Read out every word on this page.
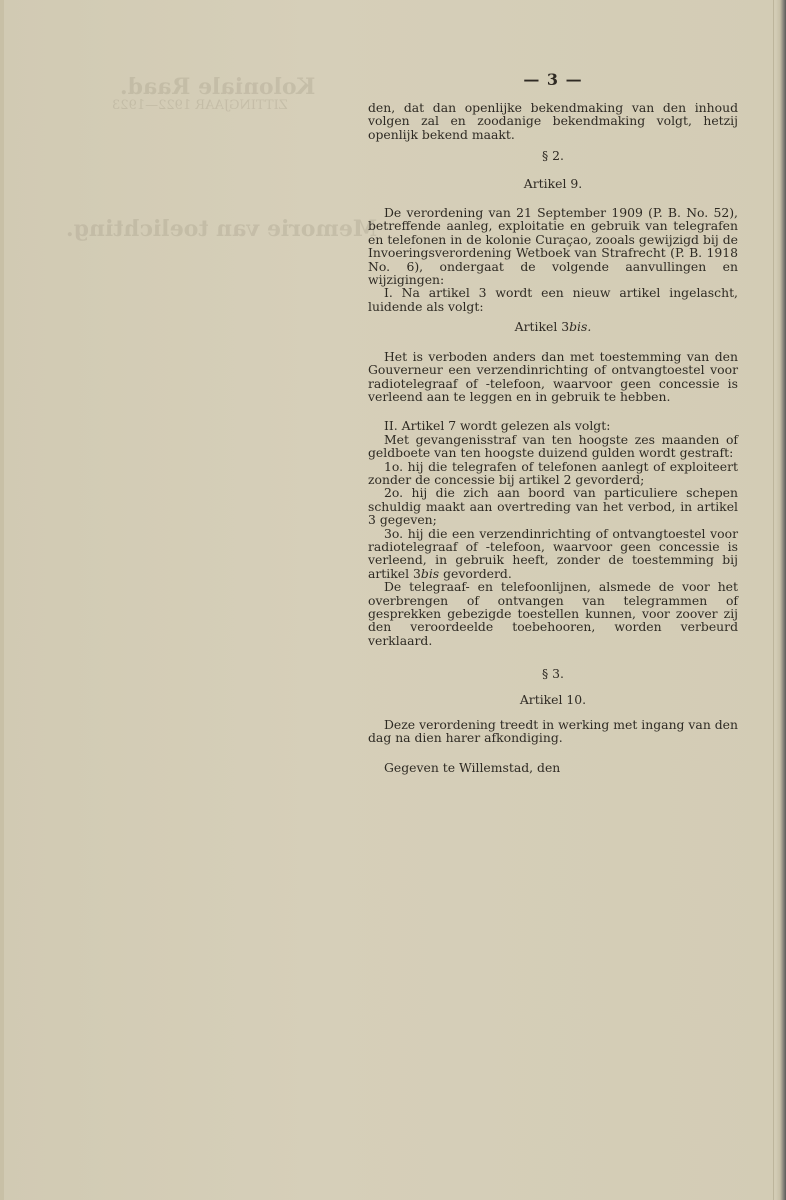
Koloniale Raad.
ZITTINGJAAR 1922—1923
Memorie van toelichting.
— 3 —

den, dat dan openlijke bekendmaking van den inhoud volgen zal en zoodanige bekendmaking volgt, hetzij openlijk bekend maakt.

§ 2.

Artikel 9.

De verordening van 21 September 1909 (P. B. No. 52), betreffende aanleg, exploitatie en gebruik van telegrafen en telefonen in de kolonie Curaçao, zooals gewijzigd bij de Invoeringsverordening Wetboek van Strafrecht (P. B. 1918 No. 6), ondergaat de volgende aanvullingen en wijzigingen:

I. Na artikel 3 wordt een nieuw artikel ingelascht, luidende als volgt:

Artikel 3bis.

Het is verboden anders dan met toestemming van den Gouverneur een verzendinrichting of ontvangtoestel voor radiotelegraaf of -telefoon, waarvoor geen concessie is verleend aan te leggen en in gebruik te hebben.

II. Artikel 7 wordt gelezen als volgt:

Met gevangenisstraf van ten hoogste zes maanden of geldboete van ten hoogste duizend gulden wordt gestraft:

1o. hij die telegrafen of telefonen aanlegt of exploiteert zonder de concessie bij artikel 2 gevorderd;

2o. hij die zich aan boord van particuliere schepen schuldig maakt aan overtreding van het verbod, in artikel 3 gegeven;

3o. hij die een verzendinrichting of ontvangtoestel voor radiotelegraaf of -telefoon, waarvoor geen concessie is verleend, in gebruik heeft, zonder de toestemming bij artikel 3bis gevorderd.

De telegraaf- en telefoonlijnen, alsmede de voor het overbrengen of ontvangen van telegrammen of gesprekken gebezigde toestellen kunnen, voor zoover zij den veroordeelde toebehooren, worden verbeurd verklaard.

§ 3.

Artikel 10.

Deze verordening treedt in werking met ingang van den dag na dien harer afkondiging.

Gegeven te Willemstad, den
